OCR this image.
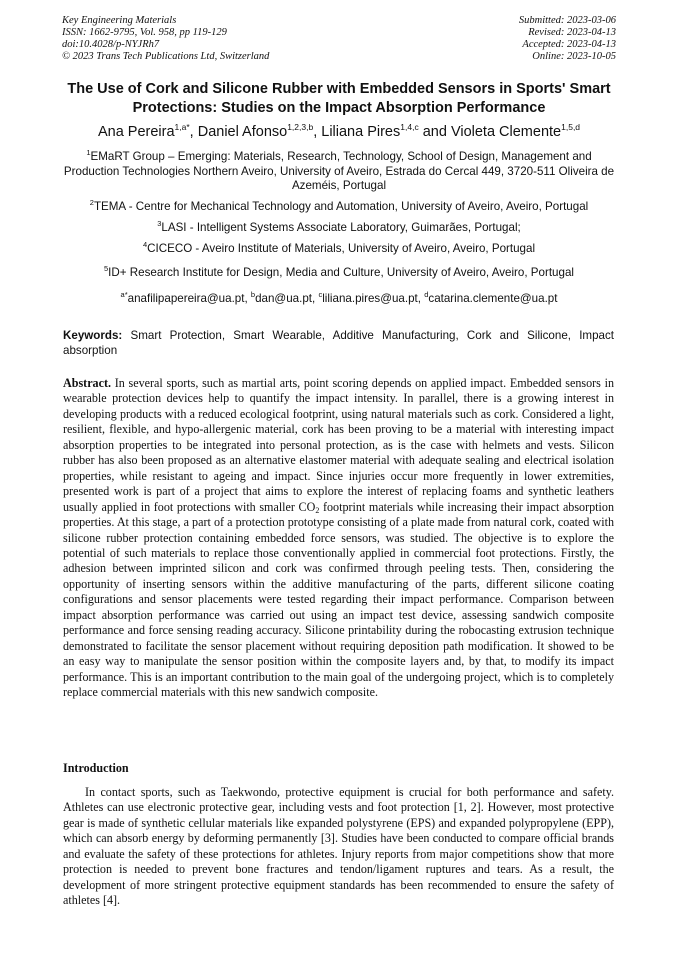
Key Engineering Materials
ISSN: 1662-9795, Vol. 958, pp 119-129
doi:10.4028/p-NYJRh7
© 2023 Trans Tech Publications Ltd, Switzerland
Submitted: 2023-03-06
Revised: 2023-04-13
Accepted: 2023-04-13
Online: 2023-10-05
The Use of Cork and Silicone Rubber with Embedded Sensors in Sports' Smart Protections: Studies on the Impact Absorption Performance
Ana Pereira$^{1,a*}$, Daniel Afonso$^{1,2,3,b}$, Liliana Pires$^{1,4,c}$ and Violeta Clemente$^{1,5,d}$
$^1$EMaRT Group – Emerging: Materials, Research, Technology, School of Design, Management and Production Technologies Northern Aveiro, University of Aveiro, Estrada do Cercal 449, 3720-511 Oliveira de Azeméis, Portugal
$^2$TEMA - Centre for Mechanical Technology and Automation, University of Aveiro, Aveiro, Portugal
$^3$LASI - Intelligent Systems Associate Laboratory, Guimarães, Portugal;
$^4$CICECO - Aveiro Institute of Materials, University of Aveiro, Aveiro, Portugal
$^5$ID+ Research Institute for Design, Media and Culture, University of Aveiro, Aveiro, Portugal
$^{a*}$anafilipapereira@ua.pt, $^b$dan@ua.pt, $^c$liliana.pires@ua.pt, $^d$catarina.clemente@ua.pt
Keywords: Smart Protection, Smart Wearable, Additive Manufacturing, Cork and Silicone, Impact absorption
Abstract. In several sports, such as martial arts, point scoring depends on applied impact. Embedded sensors in wearable protection devices help to quantify the impact intensity. In parallel, there is a growing interest in developing products with a reduced ecological footprint, using natural materials such as cork. Considered a light, resilient, flexible, and hypo-allergenic material, cork has been proving to be a material with interesting impact absorption properties to be integrated into personal protection, as is the case with helmets and vests. Silicon rubber has also been proposed as an alternative elastomer material with adequate sealing and electrical isolation properties, while resistant to ageing and impact. Since injuries occur more frequently in lower extremities, presented work is part of a project that aims to explore the interest of replacing foams and synthetic leathers usually applied in foot protections with smaller $CO_2$ footprint materials while increasing their impact absorption properties. At this stage, a part of a protection prototype consisting of a plate made from natural cork, coated with silicone rubber protection containing embedded force sensors, was studied. The objective is to explore the potential of such materials to replace those conventionally applied in commercial foot protections. Firstly, the adhesion between imprinted silicon and cork was confirmed through peeling tests. Then, considering the opportunity of inserting sensors within the additive manufacturing of the parts, different silicone coating configurations and sensor placements were tested regarding their impact performance. Comparison between impact absorption performance was carried out using an impact test device, assessing sandwich composite performance and force sensing reading accuracy. Silicone printability during the robocasting extrusion technique demonstrated to facilitate the sensor placement without requiring deposition path modification. It showed to be an easy way to manipulate the sensor position within the composite layers and, by that, to modify its impact performance. This is an important contribution to the main goal of the undergoing project, which is to completely replace commercial materials with this new sandwich composite.
Introduction
In contact sports, such as Taekwondo, protective equipment is crucial for both performance and safety. Athletes can use electronic protective gear, including vests and foot protection [1, 2]. However, most protective gear is made of synthetic cellular materials like expanded polystyrene (EPS) and expanded polypropylene (EPP), which can absorb energy by deforming permanently [3]. Studies have been conducted to compare official brands and evaluate the safety of these protections for athletes. Injury reports from major competitions show that more protection is needed to prevent bone fractures and tendon/ligament ruptures and tears. As a result, the development of more stringent protective equipment standards has been recommended to ensure the safety of athletes [4].
